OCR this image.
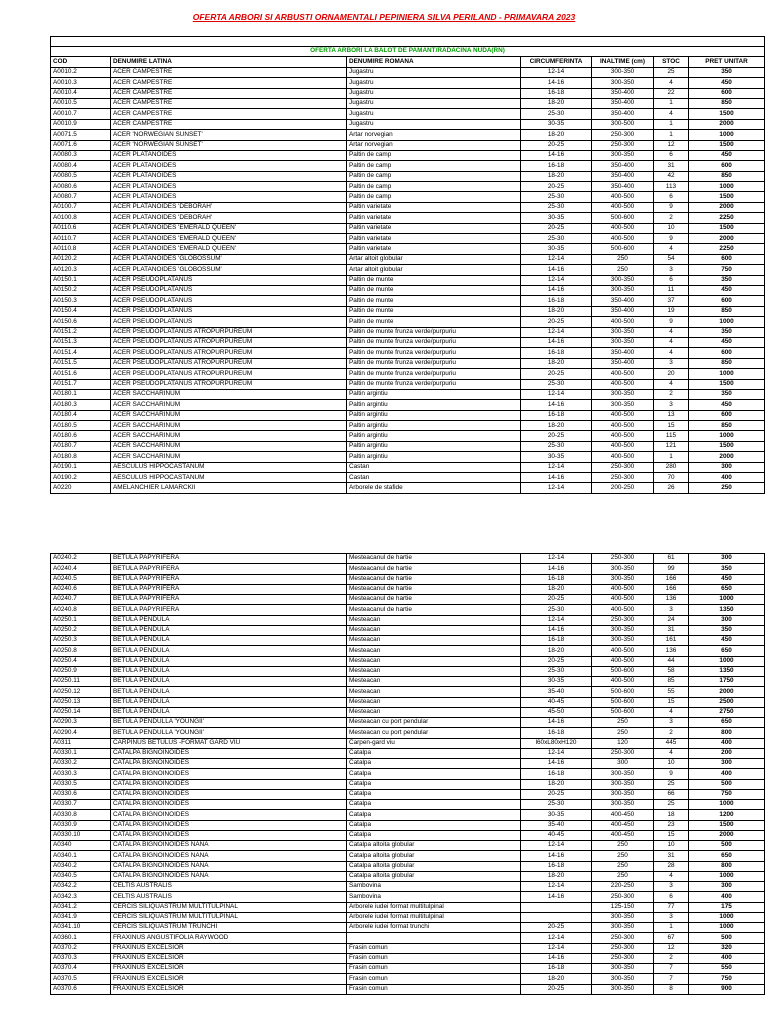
OFERTA ARBORI SI ARBUSTI ORNAMENTALI PEPINIERA SILVA PERILAND - PRIMAVARA 2023

OFERTA ARBORI LA BALOT DE PAMANT/RADACINA NUDA(RN)						
COD	DENUMIRE LATINA	DENUMIRE ROMANA	CIRCUMFERINTA	INALTIME (cm)	STOC	PRET UNITAR
A0010.2	ACER CAMPESTRE	Jugastru	12-14	300-350	25	350
A0010.3	ACER CAMPESTRE	Jugastru	14-16	300-350	4	450
A0010.4	ACER CAMPESTRE	Jugastru	16-18	350-400	22	600
A0010.5	ACER CAMPESTRE	Jugastru	18-20	350-400	1	850
A0010.7	ACER CAMPESTRE	Jugastru	25-30	350-400	4	1500
A0010.9	ACER CAMPESTRE	Jugastru	30-35	300-500	1	2000
A0071.5	ACER 'NORWEGIAN SUNSET'	Artar norvegian	18-20	250-300	1	1000
A0071.6	ACER 'NORWEGIAN SUNSET'	Artar norvegian	20-25	250-300	12	1500
A0080.3	ACER PLATANOIDES	Paltin de camp	14-16	300-350	6	450
A0080.4	ACER PLATANOIDES	Paltin de camp	16-18	350-400	31	600
A0080.5	ACER PLATANOIDES	Paltin de camp	18-20	350-400	42	850
A0080.6	ACER PLATANOIDES	Paltin de camp	20-25	350-400	113	1000
A0080.7	ACER PLATANOIDES	Paltin de camp	25-30	400-500	6	1500
A0100.7	ACER PLATANOIDES 'DEBORAH'	Paltin varietate	25-30	400-500	9	2000
A0100.8	ACER PLATANOIDES 'DEBORAH'	Paltin varietate	30-35	500-600	2	2250
A0110.6	ACER PLATANOIDES 'EMERALD QUEEN'	Paltin varietate	20-25	400-500	10	1500
A0110.7	ACER PLATANOIDES 'EMERALD QUEEN'	Paltin varietate	25-30	400-500	9	2000
A0110.8	ACER PLATANOIDES 'EMERALD QUEEN'	Paltin varietate	30-35	500-600	4	2250
A0120.2	ACER PLATANOIDES 'GLOBOSSUM'	Artar altoit globular	12-14	250	54	600
A0120.3	ACER PLATANOIDES 'GLOBOSSUM'	Artar altoit globular	14-16	250	3	750
A0150.1	ACER PSEUDOPLATANUS	Paltin de munte	12-14	300-350	6	350
A0150.2	ACER PSEUDOPLATANUS	Paltin de munte	14-16	300-350	11	450
A0150.3	ACER PSEUDOPLATANUS	Paltin de munte	16-18	350-400	37	600
A0150.4	ACER PSEUDOPLATANUS	Paltin de munte	18-20	350-400	19	850
A0150.6	ACER PSEUDOPLATANUS	Paltin de munte	20-25	400-500	9	1000
A0151.2	ACER PSEUDOPLATANUS ATROPURPUREUM	Paltin de munte frunza verde/purpuriu	12-14	300-350	4	350
A0151.3	ACER PSEUDOPLATANUS ATROPURPUREUM	Paltin de munte frunza verde/purpuriu	14-16	300-350	4	450
A0151.4	ACER PSEUDOPLATANUS ATROPURPUREUM	Paltin de munte frunza verde/purpuriu	16-18	350-400	4	600
A0151.5	ACER PSEUDOPLATANUS ATROPURPUREUM	Paltin de munte frunza verde/purpuriu	18-20	350-400	3	850
A0151.6	ACER PSEUDOPLATANUS ATROPURPUREUM	Paltin de munte frunza verde/purpuriu	20-25	400-500	20	1000
A0151.7	ACER PSEUDOPLATANUS ATROPURPUREUM	Paltin de munte frunza verde/purpuriu	25-30	400-500	4	1500
A0180.1	ACER SACCHARINUM	Paltin argintiu	12-14	300-350	2	350
A0180.3	ACER SACCHARINUM	Paltin argintiu	14-16	300-350	3	450
A0180.4	ACER SACCHARINUM	Paltin argintiu	16-18	400-500	13	600
A0180.5	ACER SACCHARINUM	Paltin argintiu	18-20	400-500	15	850
A0180.6	ACER SACCHARINUM	Paltin argintiu	20-25	400-500	115	1000
A0180.7	ACER SACCHARINUM	Paltin argintiu	25-30	400-500	121	1500
A0180.8	ACER SACCHARINUM	Paltin argintiu	30-35	400-500	1	2000
A0190.1	AESCULUS HIPPOCASTANUM	Castan	12-14	250-300	280	300
A0190.2	AESCULUS HIPPOCASTANUM	Castan	14-16	250-300	70	400
A0220	AMELANCHIER LAMARCKII	Arborele de stafide	12-14	200-250	26	250
A0240.2	BETULA PAPYRIFERA	Mesteacanul de hartie	12-14	250-300	61	300
A0240.4	BETULA PAPYRIFERA	Mesteacanul de hartie	14-16	300-350	99	350
A0240.5	BETULA PAPYRIFERA	Mesteacanul de hartie	16-18	300-350	166	450
A0240.6	BETULA PAPYRIFERA	Mesteacanul de hartie	18-20	400-500	166	650
A0240.7	BETULA PAPYRIFERA	Mesteacanul de hartie	20-25	400-500	136	1000
A0240.8	BETULA PAPYRIFERA	Mesteacanul de hartie	25-30	400-500	3	1350
A0250.1	BETULA PENDULA	Mesteacan	12-14	250-300	24	300
A0250.2	BETULA PENDULA	Mesteacan	14-16	300-350	31	350
A0250.3	BETULA PENDULA	Mesteacan	16-18	300-350	161	450
A0250.8	BETULA PENDULA	Mesteacan	18-20	400-500	136	650
A0250.4	BETULA PENDULA	Mesteacan	20-25	400-500	44	1000
A0250.9	BETULA PENDULA	Mesteacan	25-30	500-600	58	1350
A0250.11	BETULA PENDULA	Mesteacan	30-35	400-500	85	1750
A0250.12	BETULA PENDULA	Mesteacan	35-40	500-600	55	2000
A0250.13	BETULA PENDULA	Mesteacan	40-45	500-600	15	2500
A0250.14	BETULA PENDULA	Mesteacan	45-50	500-600	4	2750
A0290.3	BETULA PENDULLA 'YOUNGII'	Mesteacan cu port pendular	14-16	250	3	650
A0290.4	BETULA PENDULLA 'YOUNGII'	Mesteacan cu port pendular	16-18	250	2	800
A0311	CARPINUS BETULUS -FORMAT GARD VIU	Carpen-gard viu	l60xL80xH120	120	445	400
A0330.1	CATALPA BIGNOINOIDES	Catalpa	12-14	250-300	4	200
A0330.2	CATALPA BIGNOINOIDES	Catalpa	14-16	300	10	300
A0330.3	CATALPA BIGNOINOIDES	Catalpa	16-18	300-350	9	400
A0330.5	CATALPA BIGNOINOIDES	Catalpa	18-20	300-350	25	500
A0330.6	CATALPA BIGNOINOIDES	Catalpa	20-25	300-350	66	750
A0330.7	CATALPA BIGNOINOIDES	Catalpa	25-30	300-350	25	1000
A0330.8	CATALPA BIGNOINOIDES	Catalpa	30-35	400-450	18	1200
A0330.9	CATALPA BIGNOINOIDES	Catalpa	35-40	400-450	23	1500
A0330.10	CATALPA BIGNOINOIDES	Catalpa	40-45	400-450	15	2000
A0340	CATALPA BIGNOINOIDES NANA	Catalpa altoita globular	12-14	250	10	500
A0340.1	CATALPA BIGNOINOIDES NANA	Catalpa altoita globular	14-16	250	31	650
A0340.2	CATALPA BIGNOINOIDES NANA	Catalpa altoita globular	16-18	250	28	800
A0340.5	CATALPA BIGNOINOIDES NANA	Catalpa altoita globular	18-20	250	4	1000
A0342.2	CELTIS AUSTRALIS	Sambovina	12-14	220-250	3	300
A0342.3	CELTIS AUSTRALIS	Sambovina	14-16	250-300	6	400
A0341.2	CERCIS SILIQUASTRUM MULTITULPINAL	Arborele iudei format multitulpinal		125-150	77	175
A0341.9	CERCIS SILIQUASTRUM MULTITULPINAL	Arborele iudei format multitulpinal		300-350	3	1000
A0341.10	CERCIS SILIQUASTRUM TRUNCHI	Arborele iudei format trunchi	20-25	300-350	1	1000
A0360.1	FRAXINUS ANGUSTIFOLIA RAYWOOD		12-14	250-300	67	500
A0370.2	FRAXINUS EXCELSIOR	Frasin comun	12-14	250-300	12	320
A0370.3	FRAXINUS EXCELSIOR	Frasin comun	14-16	250-300	2	400
A0370.4	FRAXINUS EXCELSIOR	Frasin comun	16-18	300-350	7	550
A0370.5	FRAXINUS EXCELSIOR	Frasin comun	18-20	300-350	7	750
A0370.6	FRAXINUS EXCELSIOR	Frasin comun	20-25	300-350	8	900
